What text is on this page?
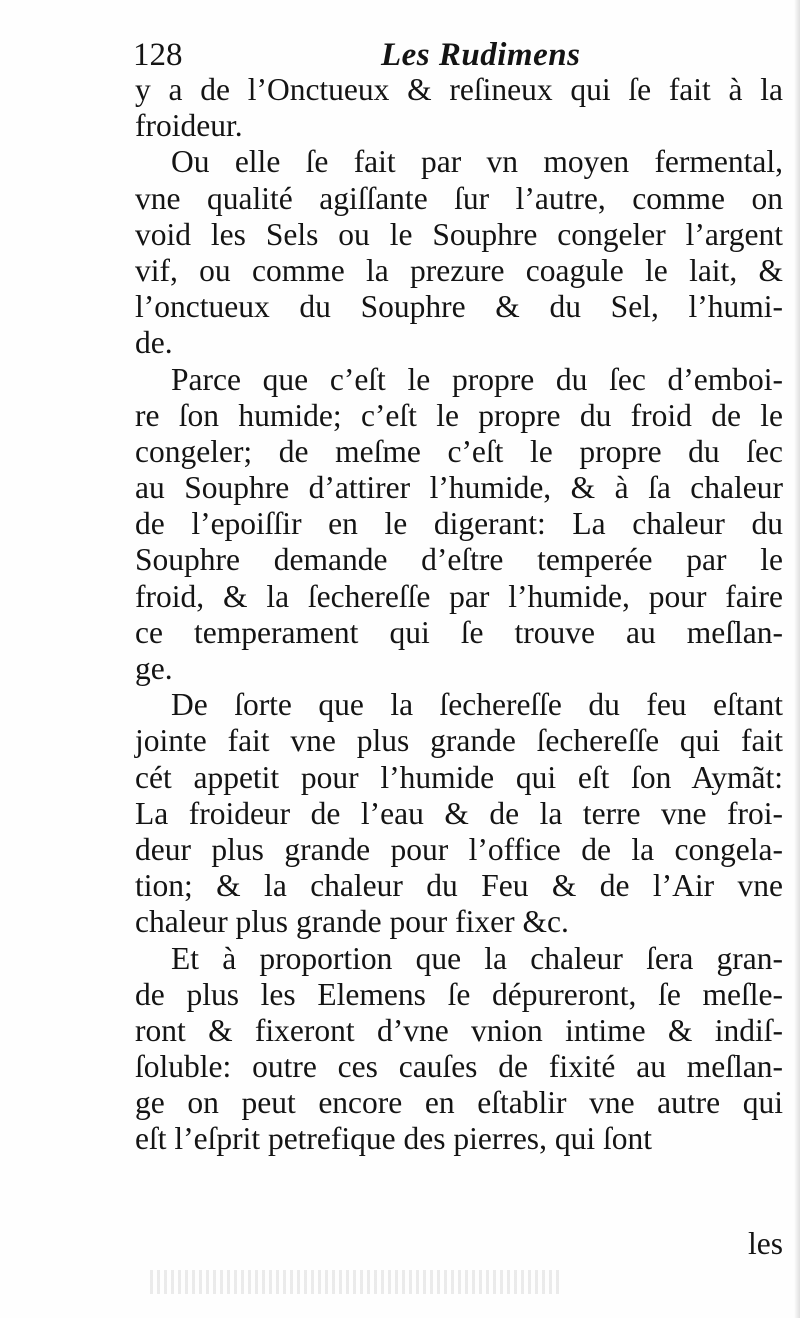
128	Les Rudimens
y a de l’Onctueux & reſineux qui ſe fait à la
froideur.
Ou elle ſe fait par vn moyen fermental,
vne qualité agiſſante ſur l’autre, comme on
void les Sels ou le Souphre congeler l’argent
vif, ou comme la prezure coagule le lait, &
l’onctueux du Souphre & du Sel, l’humi-
de.
Parce que c’eſt le propre du ſec d’emboi-
re ſon humide; c’eſt le propre du froid de le
congeler; de meſme c’eſt le propre du ſec
au Souphre d’attirer l’humide, & à ſa chaleur
de l’epoiſſir en le digerant: La chaleur du
Souphre demande d’eſtre temperée par le
froid, & la ſechereſſe par l’humide, pour faire
ce temperament qui ſe trouve au meſlan-
ge.
De ſorte que la ſechereſſe du feu eſtant
jointe fait vne plus grande ſechereſſe qui fait
cét appetit pour l’humide qui eſt ſon Aymãt:
La froideur de l’eau & de la terre vne froi-
deur plus grande pour l’office de la congela-
tion; & la chaleur du Feu & de l’Air vne
chaleur plus grande pour fixer &c.
Et à proportion que la chaleur ſera gran-
de plus les Elemens ſe dépureront, ſe meſle-
ront & fixeront d’vne vnion intime & indiſ-
ſoluble: outre ces cauſes de fixité au meſlan-
ge on peut encore en eſtablir vne autre qui
eſt l’eſprit petrefique des pierres, qui ſont
les
